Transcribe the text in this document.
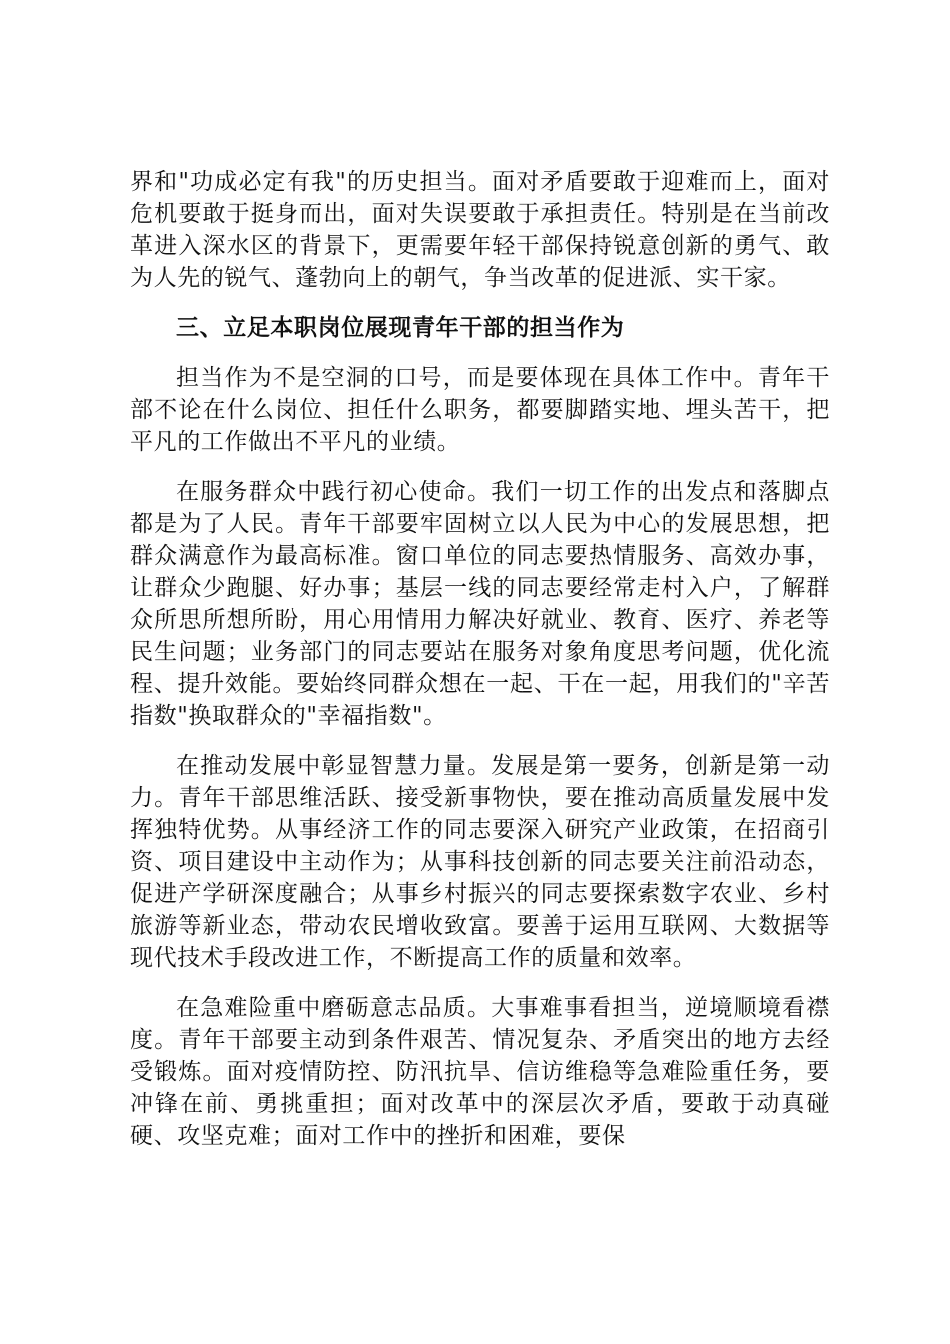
界和"功成必定有我"的历史担当。面对矛盾要敢于迎难而上，面对危机要敢于挺身而出，面对失误要敢于承担责任。特别是在当前改革进入深水区的背景下，更需要年轻干部保持锐意创新的勇气、敢为人先的锐气、蓬勃向上的朝气，争当改革的促进派、实干家。

三、立足本职岗位展现青年干部的担当作为

担当作为不是空洞的口号，而是要体现在具体工作中。青年干部不论在什么岗位、担任什么职务，都要脚踏实地、埋头苦干，把平凡的工作做出不平凡的业绩。

在服务群众中践行初心使命。我们一切工作的出发点和落脚点都是为了人民。青年干部要牢固树立以人民为中心的发展思想，把群众满意作为最高标准。窗口单位的同志要热情服务、高效办事，让群众少跑腿、好办事；基层一线的同志要经常走村入户，了解群众所思所想所盼，用心用情用力解决好就业、教育、医疗、养老等民生问题；业务部门的同志要站在服务对象角度思考问题，优化流程、提升效能。要始终同群众想在一起、干在一起，用我们的"辛苦指数"换取群众的"幸福指数"。

在推动发展中彰显智慧力量。发展是第一要务，创新是第一动力。青年干部思维活跃、接受新事物快，要在推动高质量发展中发挥独特优势。从事经济工作的同志要深入研究产业政策，在招商引资、项目建设中主动作为；从事科技创新的同志要关注前沿动态，促进产学研深度融合；从事乡村振兴的同志要探索数字农业、乡村旅游等新业态，带动农民增收致富。要善于运用互联网、大数据等现代技术手段改进工作，不断提高工作的质量和效率。

在急难险重中磨砺意志品质。大事难事看担当，逆境顺境看襟度。青年干部要主动到条件艰苦、情况复杂、矛盾突出的地方去经受锻炼。面对疫情防控、防汛抗旱、信访维稳等急难险重任务，要冲锋在前、勇挑重担；面对改革中的深层次矛盾，要敢于动真碰硬、攻坚克难；面对工作中的挫折和困难，要保
